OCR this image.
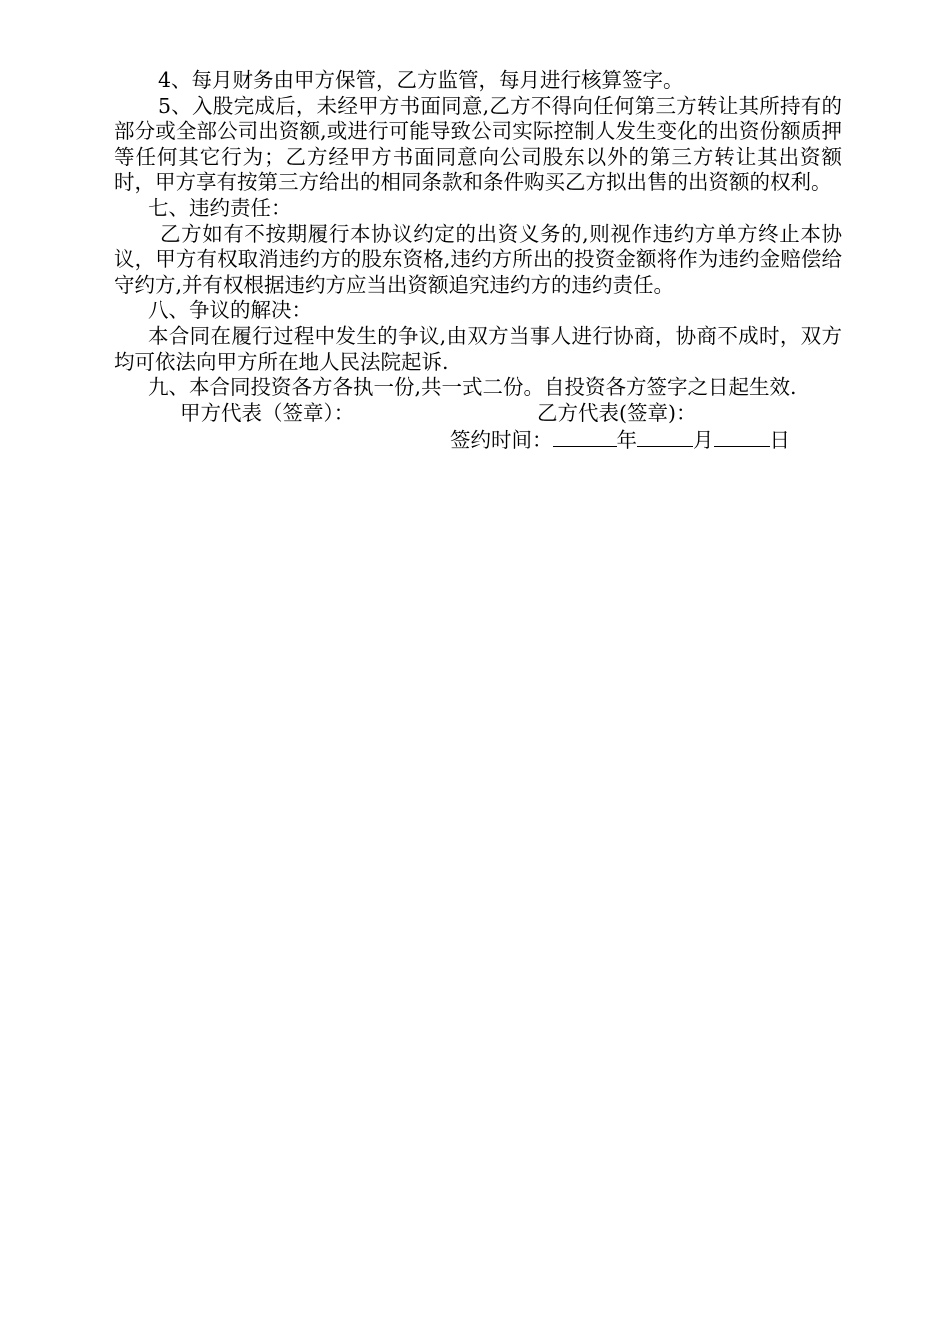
4、每月财务由甲方保管，乙方监管，每月进行核算签字。

5、入股完成后，未经甲方书面同意,乙方不得向任何第三方转让其所持有的部分或全部公司出资额,或进行可能导致公司实际控制人发生变化的出资份额质押等任何其它行为；乙方经甲方书面同意向公司股东以外的第三方转让其出资额时，甲方享有按第三方给出的相同条款和条件购买乙方拟出售的出资额的权利。

七、违约责任：

乙方如有不按期履行本协议约定的出资义务的,则视作违约方单方终止本协议，甲方有权取消违约方的股东资格,违约方所出的投资金额将作为违约金赔偿给守约方,并有权根据违约方应当出资额追究违约方的违约责任。

八、争议的解决：

本合同在履行过程中发生的争议,由双方当事人进行协商，协商不成时，双方均可依法向甲方所在地人民法院起诉.

九、本合同投资各方各执一份,共一式二份。自投资各方签字之日起生效.

甲方代表（签章）：	乙方代表(签章)：
签约时间：	年	月	日
